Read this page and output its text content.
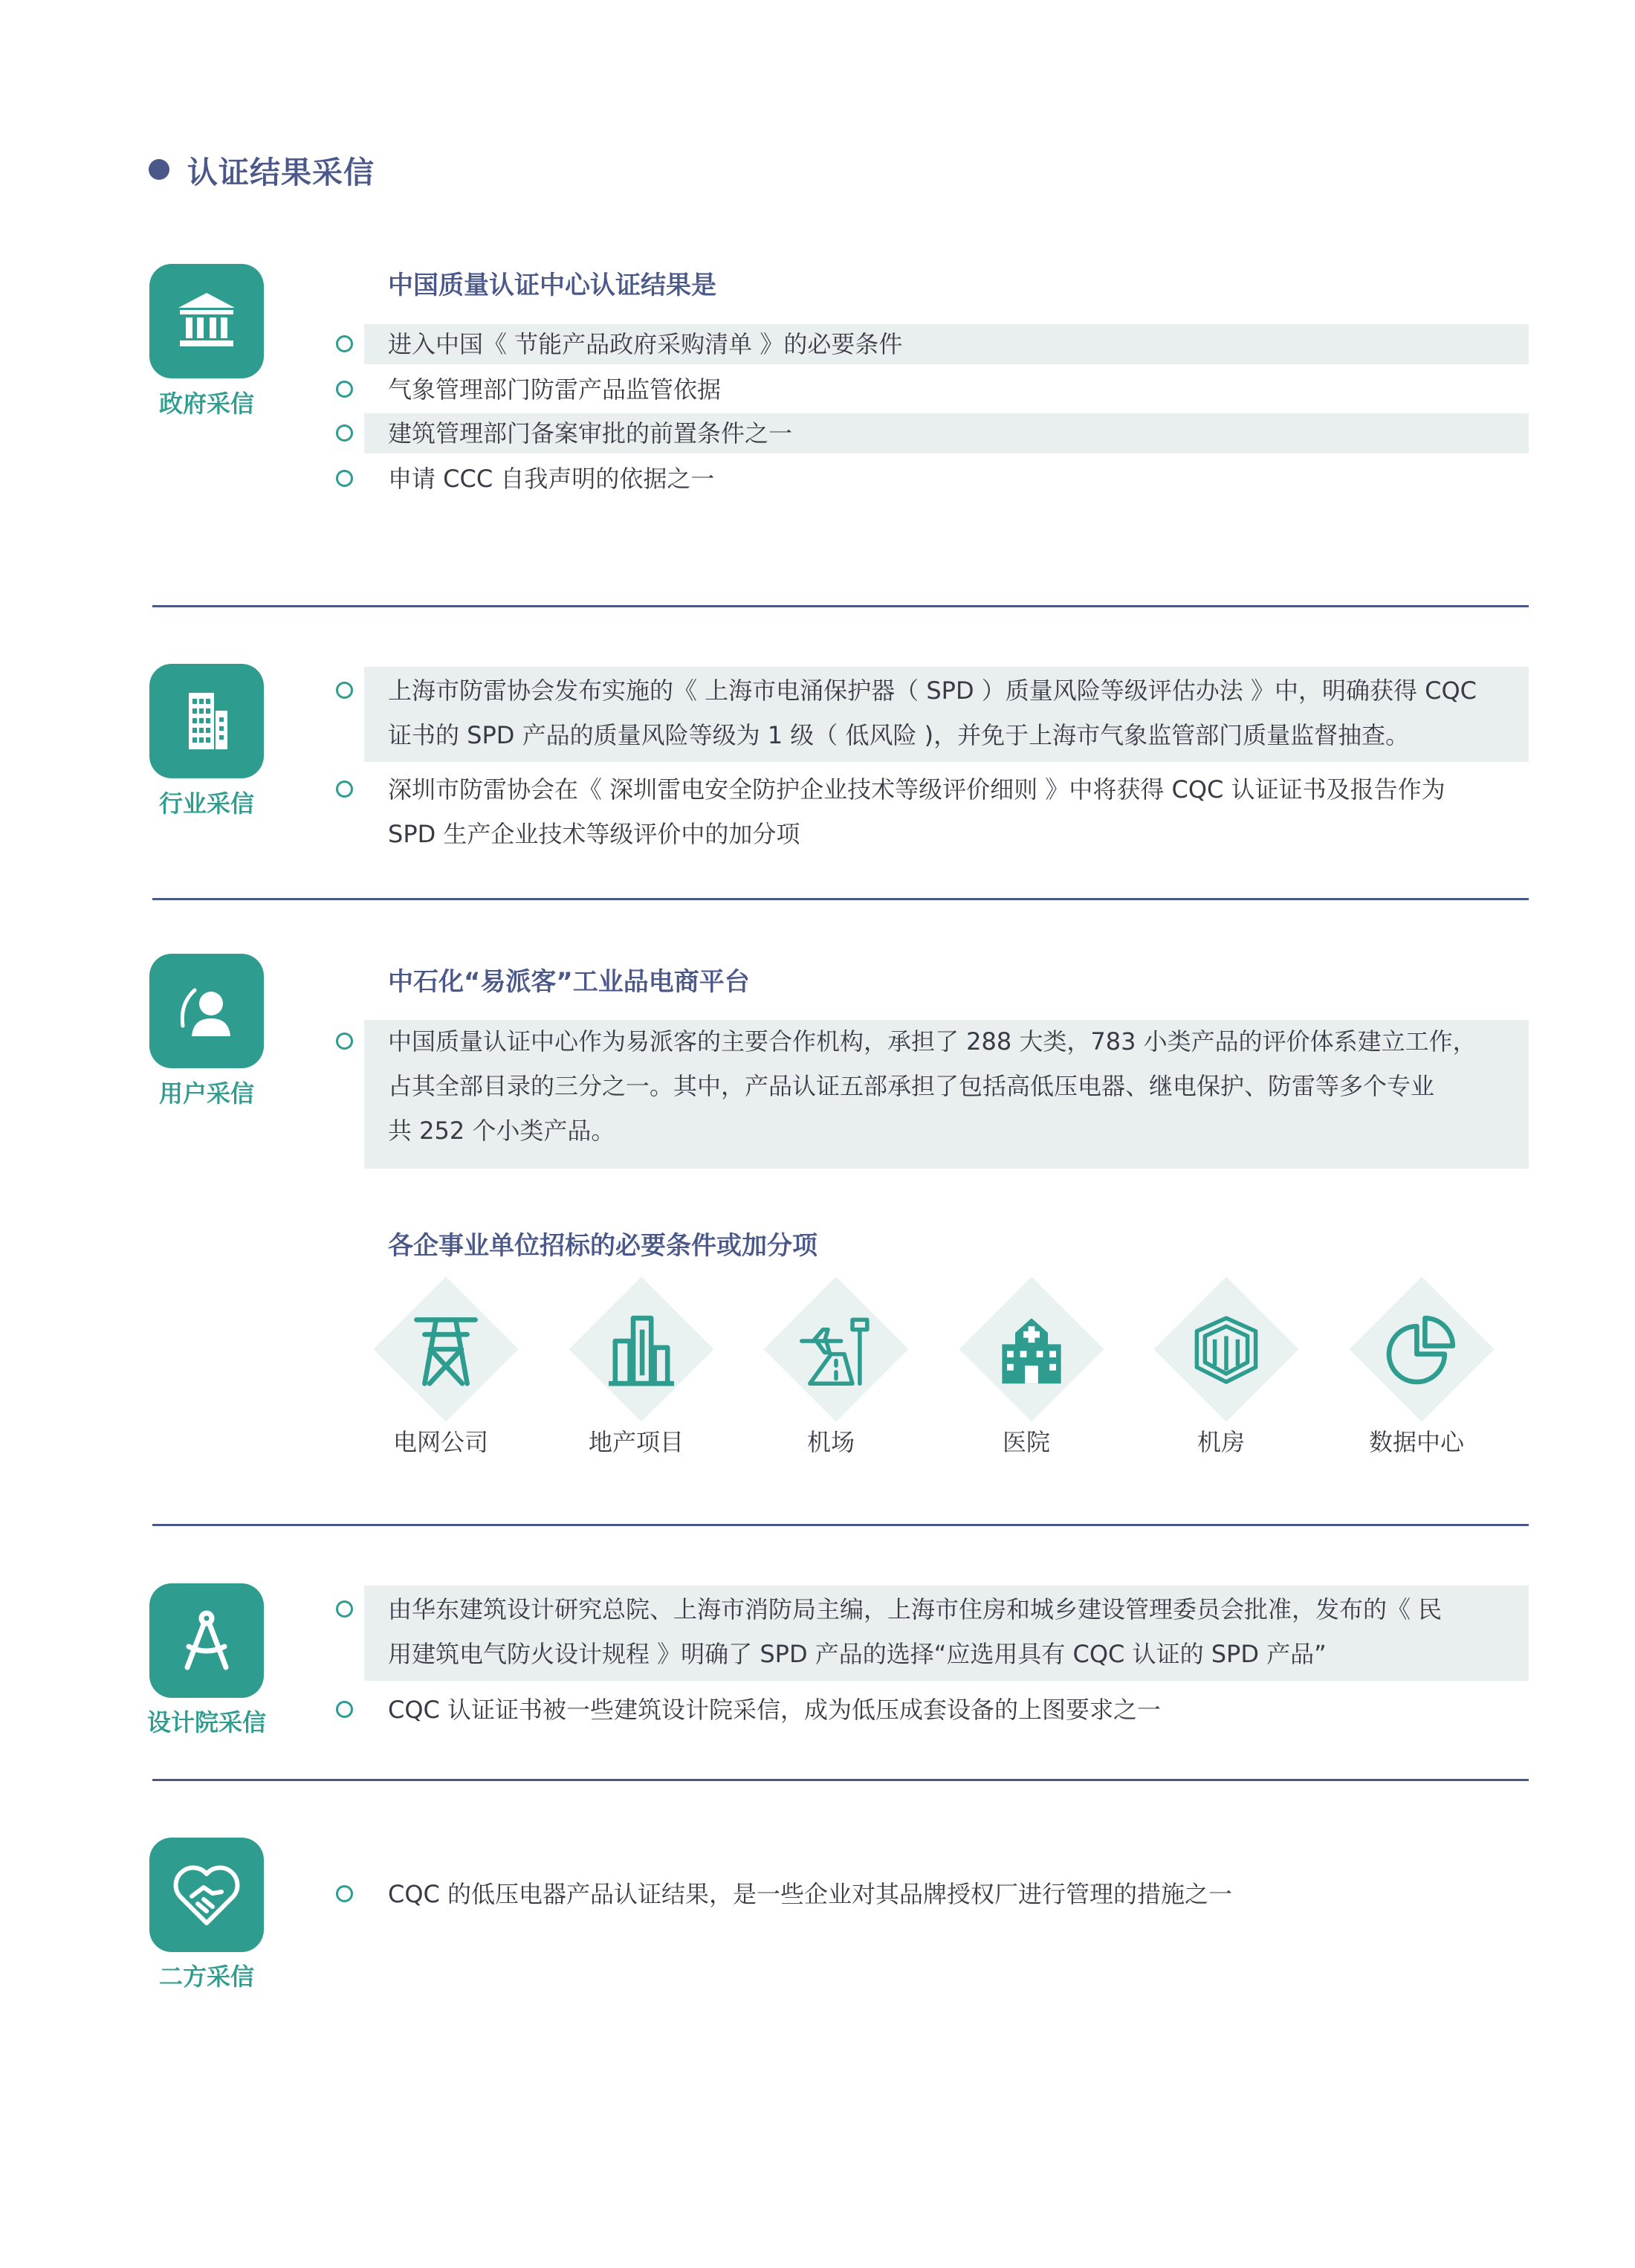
认证结果采信
政府采信
中国质量认证中心认证结果是
进入中国《 节能产品政府采购清单 》的必要条件
气象管理部门防雷产品监管依据
建筑管理部门备案审批的前置条件之一
申请 CCC 自我声明的依据之一
行业采信
上海市防雷协会发布实施的《 上海市电涌保护器（ SPD ）质量风险等级评估办法 》中，明确获得 CQC
证书的 SPD 产品的质量风险等级为 1 级（ 低风险 )，并免于上海市气象监管部门质量监督抽查。
深圳市防雷协会在《 深圳雷电安全防护企业技术等级评价细则 》中将获得 CQC 认证证书及报告作为
SPD 生产企业技术等级评价中的加分项
用户采信
中石化“易派客”工业品电商平台
中国质量认证中心作为易派客的主要合作机构，承担了 288 大类，783 小类产品的评价体系建立工作，
占其全部目录的三分之一。其中，产品认证五部承担了包括高低压电器、继电保护、防雷等多个专业
共 252 个小类产品。
各企事业单位招标的必要条件或加分项
电网公司	地产项目	机场	医院	机房	数据中心
设计院采信
由华东建筑设计研究总院、上海市消防局主编，上海市住房和城乡建设管理委员会批准，发布的《 民
用建筑电气防火设计规程 》明确了 SPD 产品的选择“应选用具有 CQC 认证的 SPD 产品”
CQC 认证证书被一些建筑设计院采信，成为低压成套设备的上图要求之一
二方采信
CQC 的低压电器产品认证结果，是一些企业对其品牌授权厂进行管理的措施之一
